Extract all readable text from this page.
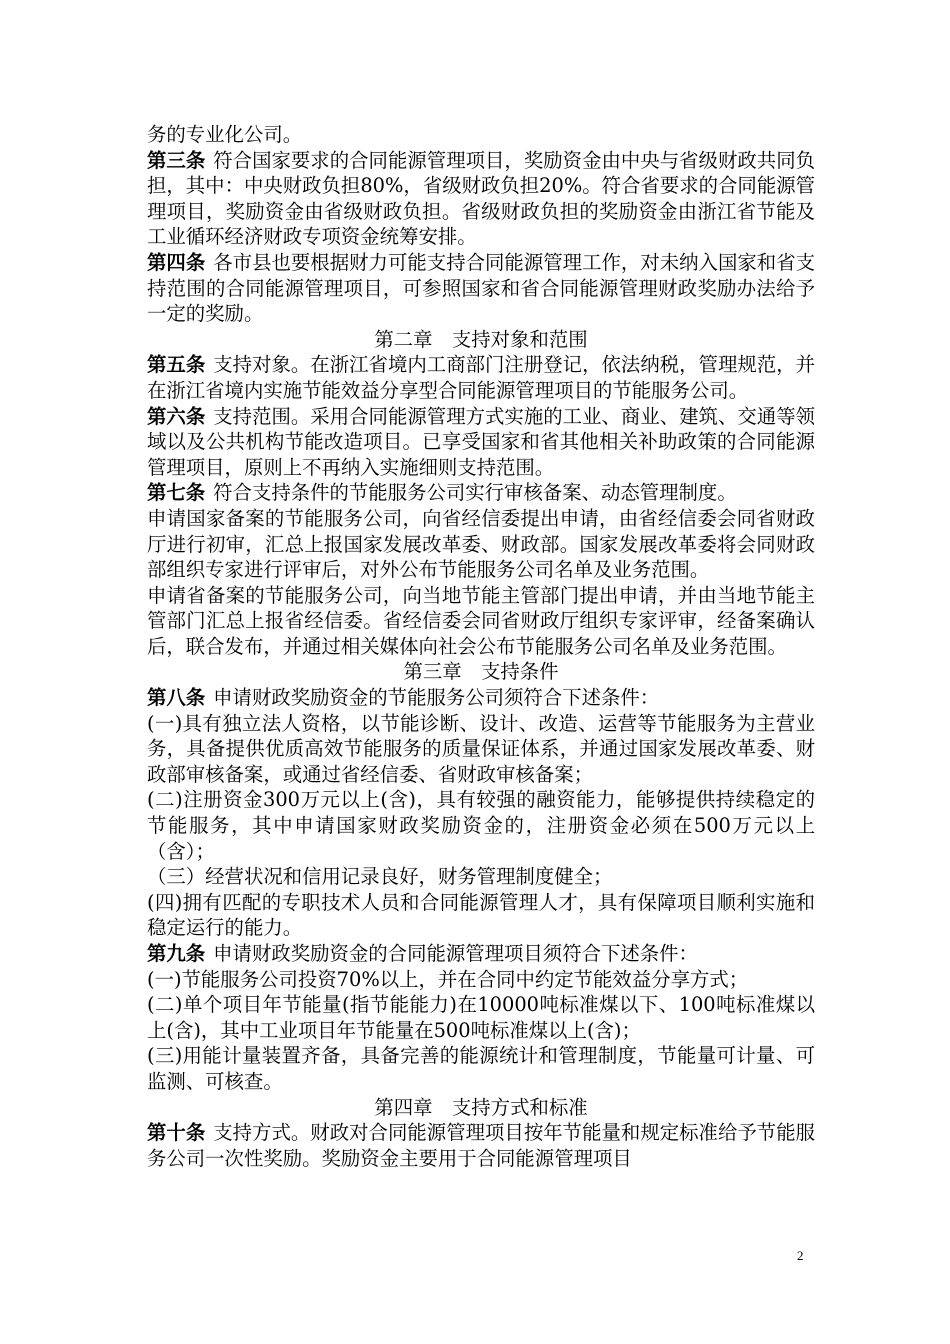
务的专业化公司。

第三条 符合国家要求的合同能源管理项目，奖励资金由中央与省级财政共同负担，其中：中央财政负担80%，省级财政负担20%。符合省要求的合同能源管理项目，奖励资金由省级财政负担。省级财政负担的奖励资金由浙江省节能及工业循环经济财政专项资金统筹安排。

第四条 各市县也要根据财力可能支持合同能源管理工作，对未纳入国家和省支持范围的合同能源管理项目，可参照国家和省合同能源管理财政奖励办法给予一定的奖励。

第二章　支持对象和范围

第五条 支持对象。在浙江省境内工商部门注册登记，依法纳税，管理规范，并在浙江省境内实施节能效益分享型合同能源管理项目的节能服务公司。

第六条 支持范围。采用合同能源管理方式实施的工业、商业、建筑、交通等领域以及公共机构节能改造项目。已享受国家和省其他相关补助政策的合同能源管理项目，原则上不再纳入实施细则支持范围。

第七条 符合支持条件的节能服务公司实行审核备案、动态管理制度。

申请国家备案的节能服务公司，向省经信委提出申请，由省经信委会同省财政厅进行初审，汇总上报国家发展改革委、财政部。国家发展改革委将会同财政部组织专家进行评审后，对外公布节能服务公司名单及业务范围。

申请省备案的节能服务公司，向当地节能主管部门提出申请，并由当地节能主管部门汇总上报省经信委。省经信委会同省财政厅组织专家评审，经备案确认后，联合发布，并通过相关媒体向社会公布节能服务公司名单及业务范围。

第三章　支持条件

第八条 申请财政奖励资金的节能服务公司须符合下述条件：

(一)具有独立法人资格，以节能诊断、设计、改造、运营等节能服务为主营业务，具备提供优质高效节能服务的质量保证体系，并通过国家发展改革委、财政部审核备案，或通过省经信委、省财政审核备案；

(二)注册资金300万元以上(含)，具有较强的融资能力，能够提供持续稳定的节能服务，其中申请国家财政奖励资金的，注册资金必须在500万元以上（含）；

（三）经营状况和信用记录良好，财务管理制度健全；

(四)拥有匹配的专职技术人员和合同能源管理人才，具有保障项目顺利实施和稳定运行的能力。

第九条 申请财政奖励资金的合同能源管理项目须符合下述条件：

(一)节能服务公司投资70%以上，并在合同中约定节能效益分享方式；

(二)单个项目年节能量(指节能能力)在10000吨标准煤以下、100吨标准煤以上(含)，其中工业项目年节能量在500吨标准煤以上(含)；

(三)用能计量装置齐备，具备完善的能源统计和管理制度，节能量可计量、可监测、可核查。

第四章　支持方式和标准

第十条 支持方式。财政对合同能源管理项目按年节能量和规定标准给予节能服务公司一次性奖励。奖励资金主要用于合同能源管理项目

2
